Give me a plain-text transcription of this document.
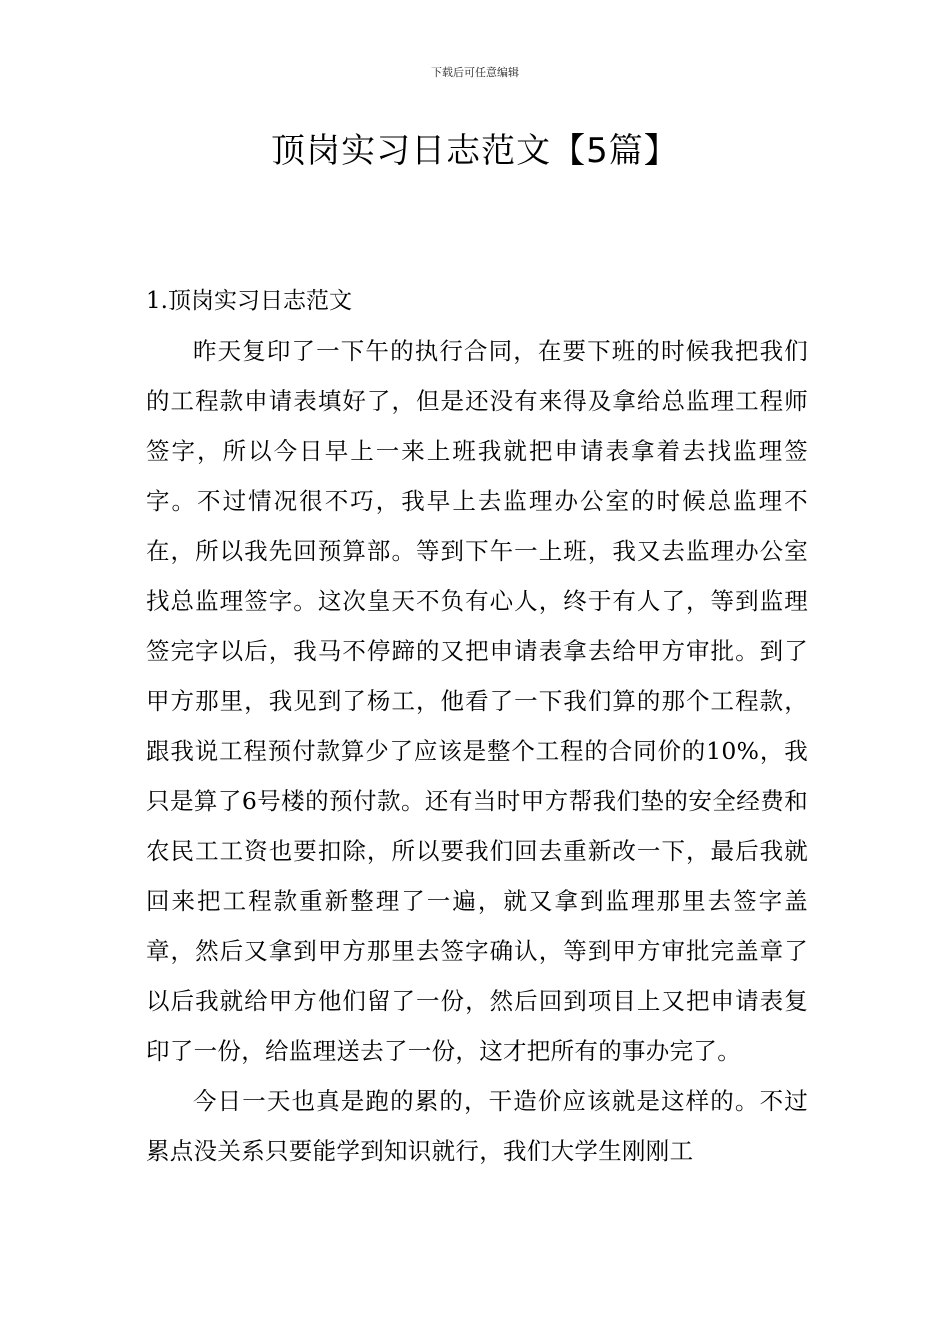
下载后可任意编辑
顶岗实习日志范文【5篇】
1.顶岗实习日志范文

昨天复印了一下午的执行合同，在要下班的时候我把我们的工程款申请表填好了，但是还没有来得及拿给总监理工程师签字，所以今日早上一来上班我就把申请表拿着去找监理签字。不过情况很不巧，我早上去监理办公室的时候总监理不在，所以我先回预算部。等到下午一上班，我又去监理办公室找总监理签字。这次皇天不负有心人，终于有人了，等到监理签完字以后，我马不停蹄的又把申请表拿去给甲方审批。到了甲方那里，我见到了杨工，他看了一下我们算的那个工程款，跟我说工程预付款算少了应该是整个工程的合同价的10%，我只是算了6号楼的预付款。还有当时甲方帮我们垫的安全经费和农民工工资也要扣除，所以要我们回去重新改一下，最后我就回来把工程款重新整理了一遍，就又拿到监理那里去签字盖章，然后又拿到甲方那里去签字确认，等到甲方审批完盖章了以后我就给甲方他们留了一份，然后回到项目上又把申请表复印了一份，给监理送去了一份，这才把所有的事办完了。

今日一天也真是跑的累的，干造价应该就是这样的。不过累点没关系只要能学到知识就行，我们大学生刚刚工
